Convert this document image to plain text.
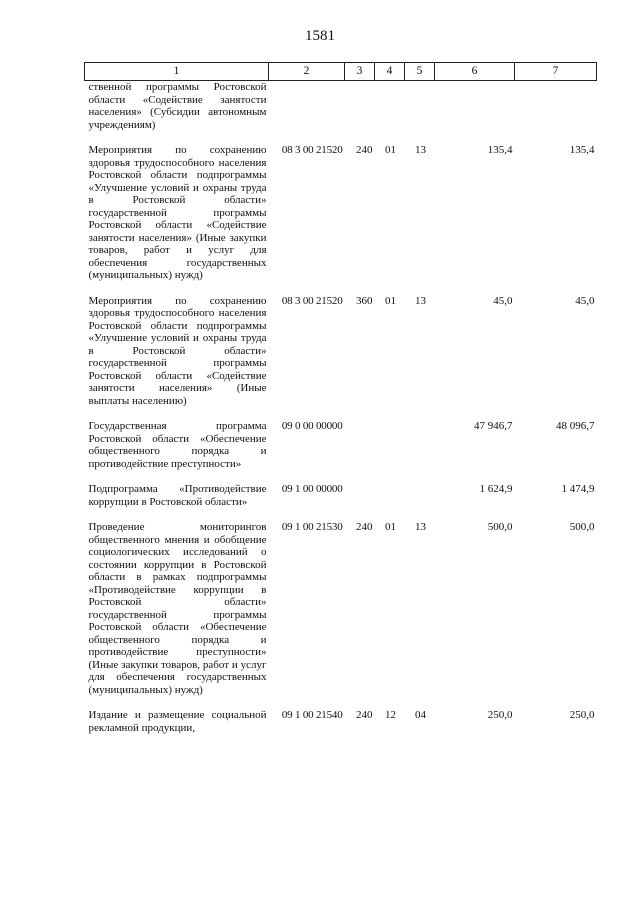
1581
1	2	3	4	5	6	7
ственной программы Ростовской области «Содействие занятости населения» (Субсидии автономным учреждениям)						
Мероприятия по сохранению здоровья трудоспособного населения Ростовской области подпрограммы «Улучшение условий и охраны труда в Ростовской области» государственной программы Ростовской области «Содействие занятости населения» (Иные закупки товаров, работ и услуг для обеспечения государственных (муниципальных) нужд)	08 3 00 21520	240	01	13	135,4	135,4
Мероприятия по сохранению здоровья трудоспособного населения Ростовской области подпрограммы «Улучшение условий и охраны труда в Ростовской области» государственной программы Ростовской области «Содействие занятости населения» (Иные выплаты населению)	08 3 00 21520	360	01	13	45,0	45,0
Государственная программа Ростовской области «Обеспечение общественного порядка и противодействие преступности»	09 0 00 00000				47 946,7	48 096,7
Подпрограмма «Противодействие коррупции в Ростовской области»	09 1 00 00000				1 624,9	1 474,9
Проведение мониторингов общественного мнения и обобщение социологических исследований о состоянии коррупции в Ростовской области в рамках подпрограммы «Противодействие коррупции в Ростовской области» государственной программы Ростовской области «Обеспечение общественного порядка и противодействие преступности» (Иные закупки товаров, работ и услуг для обеспечения государственных (муниципальных) нужд)	09 1 00 21530	240	01	13	500,0	500,0
Издание и размещение социальной рекламной продукции,	09 1 00 21540	240	12	04	250,0	250,0
